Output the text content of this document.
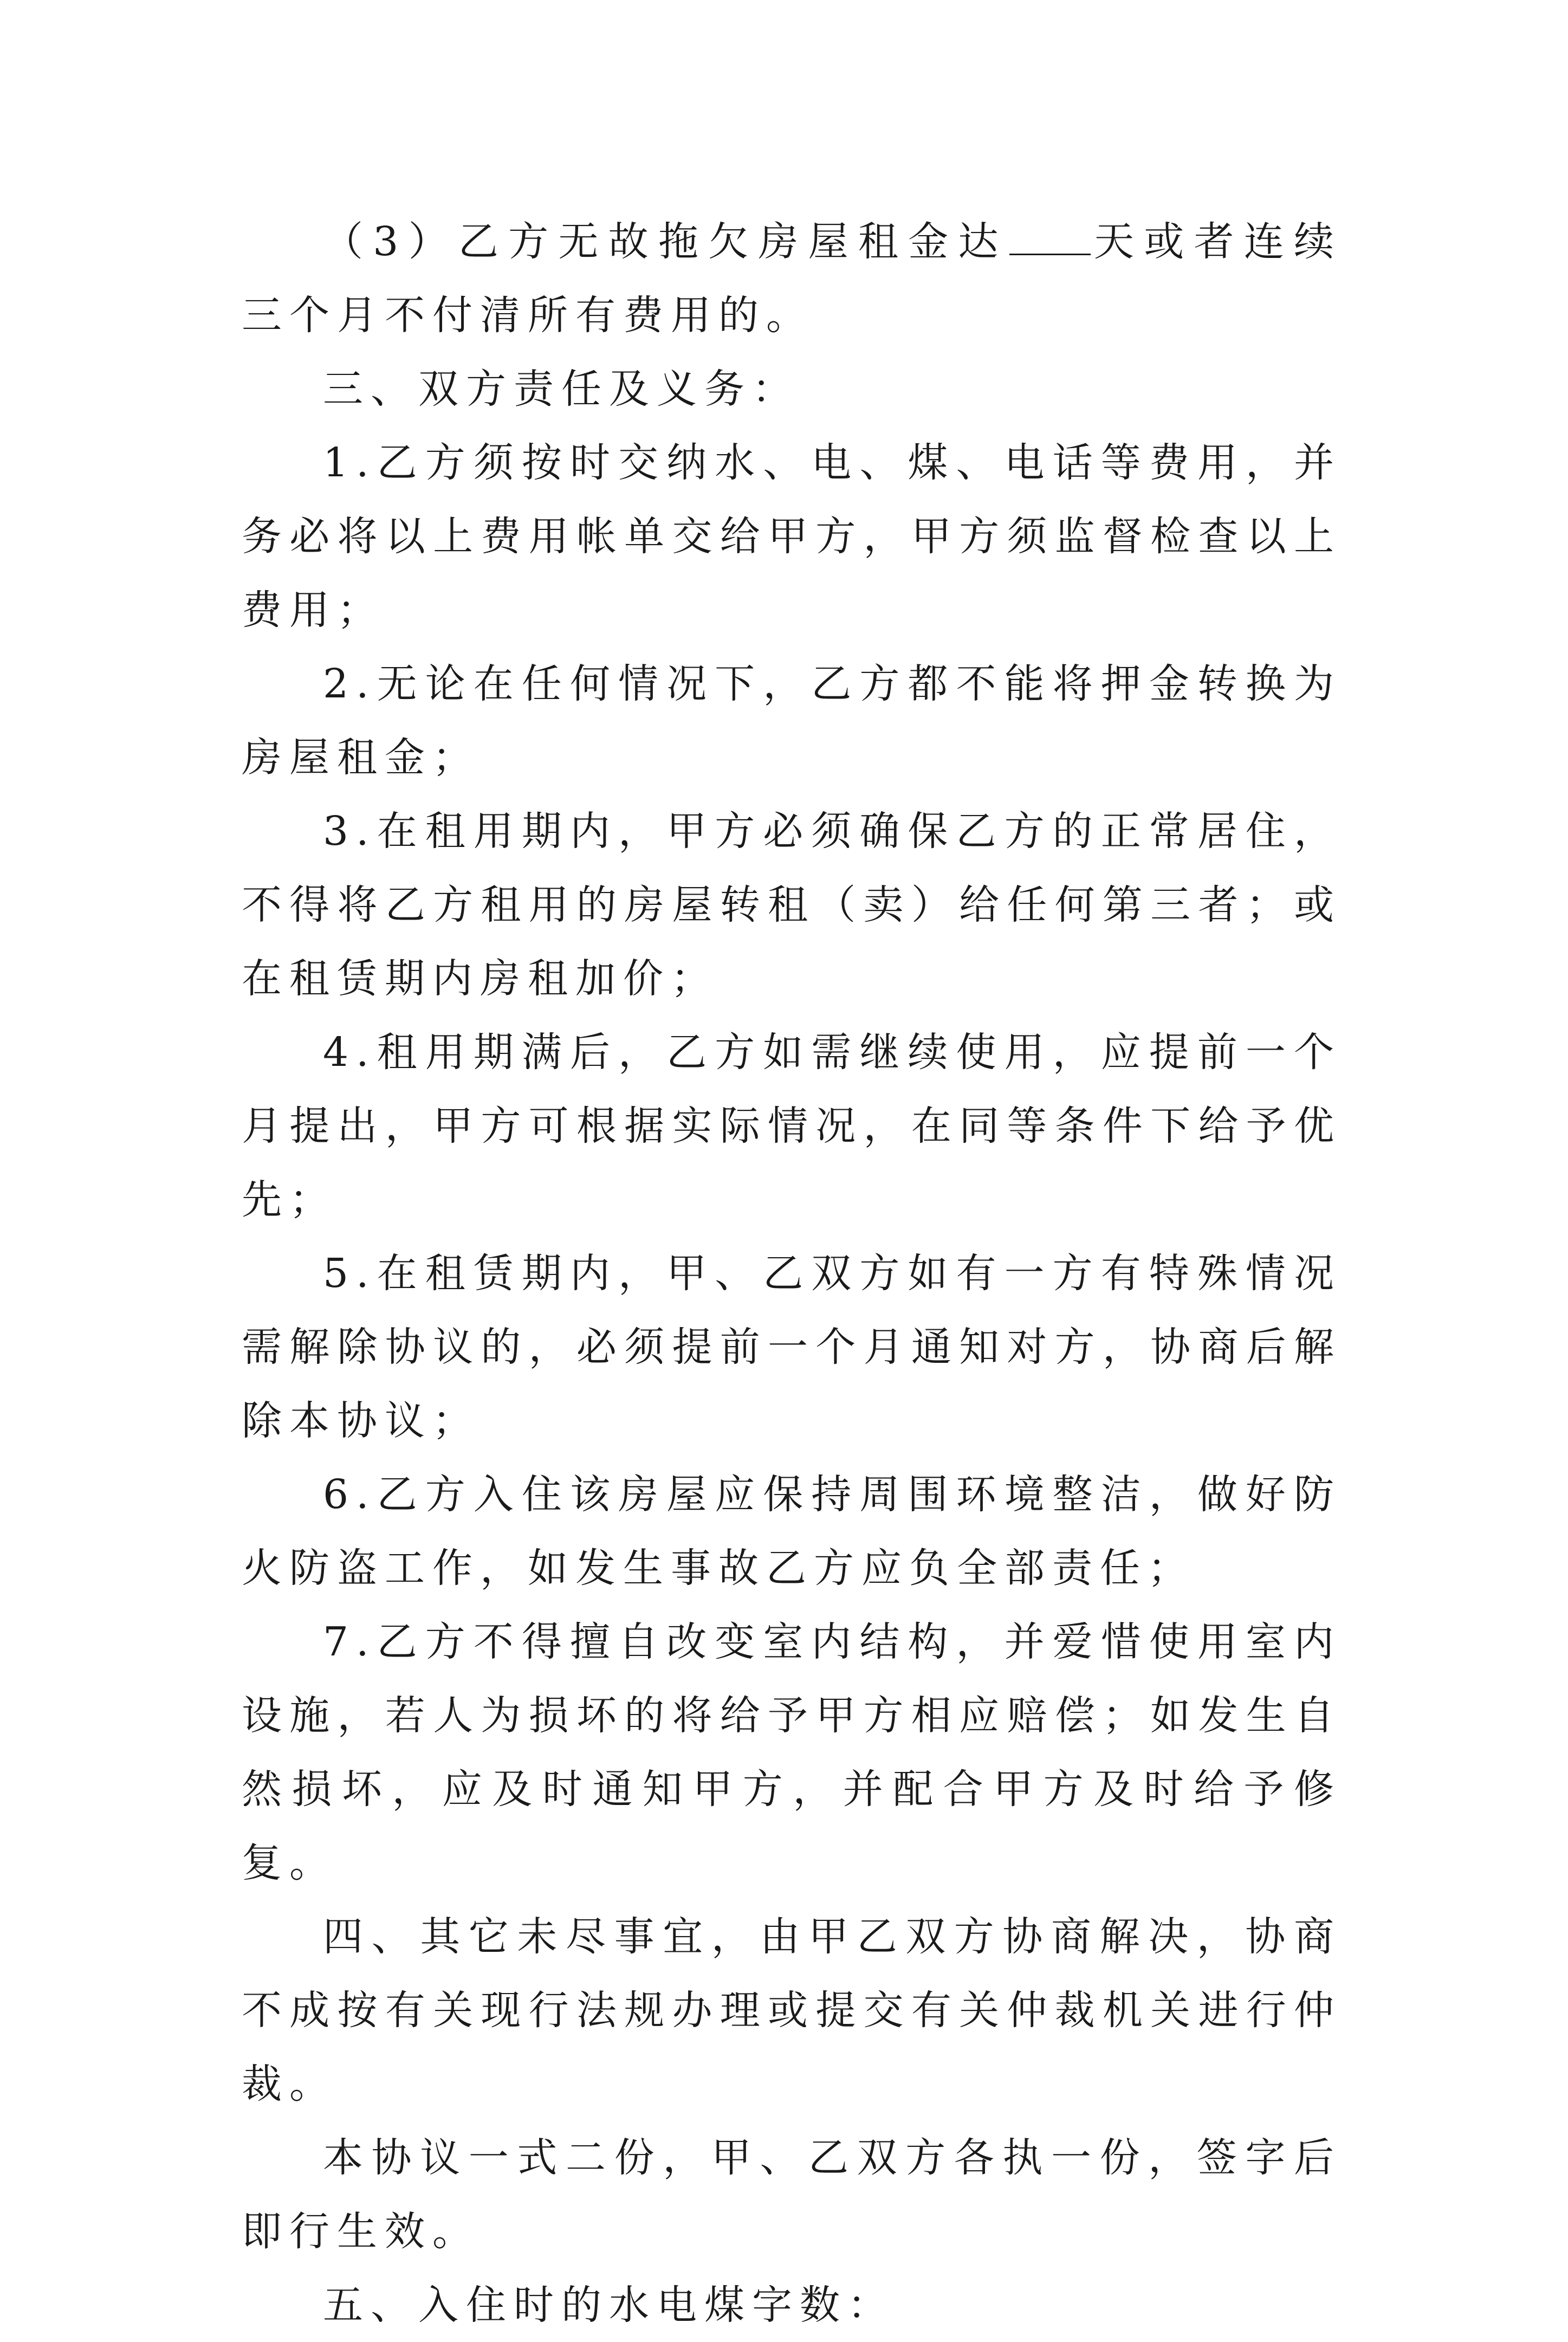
（3）乙方无故拖欠房屋租金达 天或者连续三个月不付清所有费用的。

三、双方责任及义务：

1.乙方须按时交纳水、电、煤、电话等费用，并务必将以上费用帐单交给甲方，甲方须监督检查以上费用；

2.无论在任何情况下，乙方都不能将押金转换为房屋租金；

3.在租用期内，甲方必须确保乙方的正常居住，不得将乙方租用的房屋转租（卖）给任何第三者；或在租赁期内房租加价；

4.租用期满后，乙方如需继续使用，应提前一个月提出，甲方可根据实际情况，在同等条件下给予优先；

5.在租赁期内，甲、乙双方如有一方有特殊情况需解除协议的，必须提前一个月通知对方，协商后解除本协议；

6.乙方入住该房屋应保持周围环境整洁，做好防火防盗工作，如发生事故乙方应负全部责任；

7.乙方不得擅自改变室内结构，并爱惜使用室内设施，若人为损坏的将给予甲方相应赔偿；如发生自然损坏，应及时通知甲方，并配合甲方及时给予修复。

四、其它未尽事宜，由甲乙双方协商解决，协商不成按有关现行法规办理或提交有关仲裁机关进行仲裁。

本协议一式二份，甲、乙双方各执一份，签字后即行生效。

五、入住时的水电煤字数：
